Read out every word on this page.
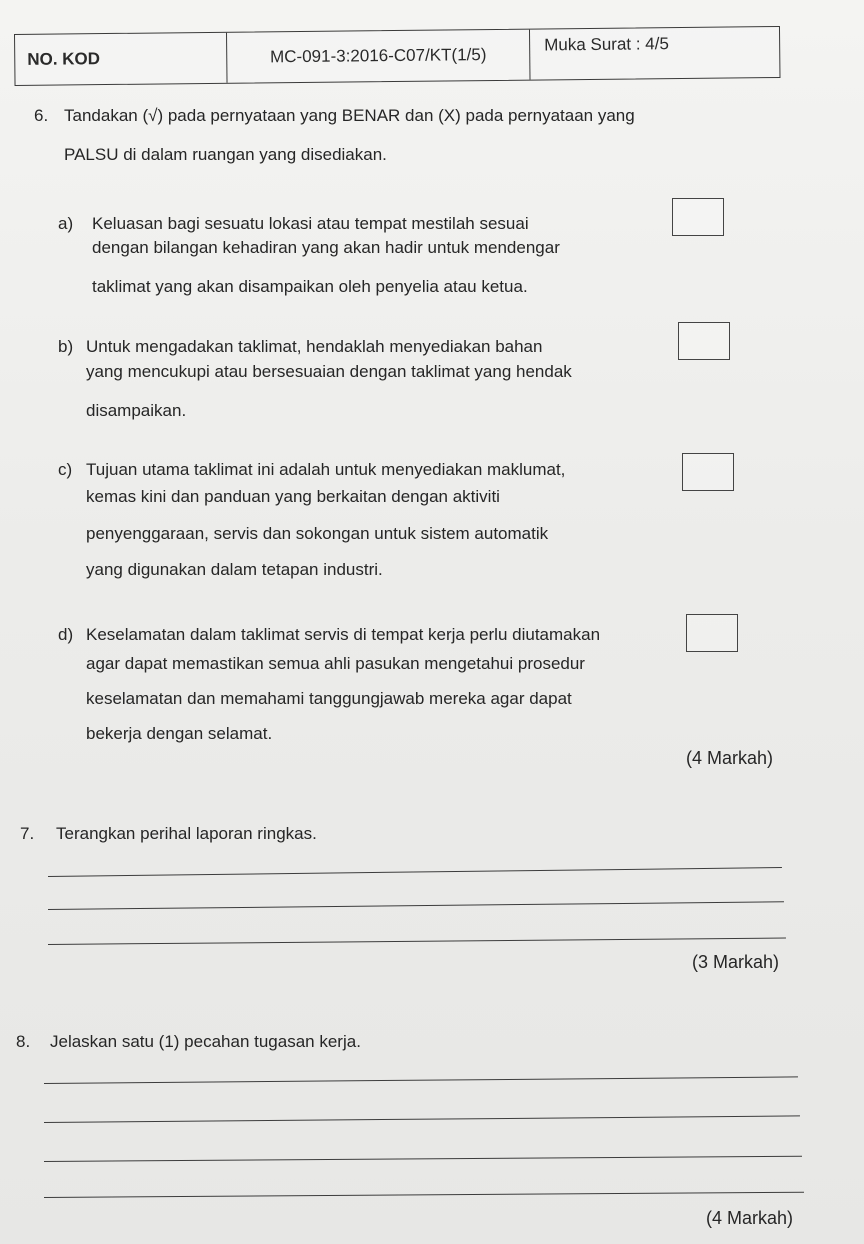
NO. KOD	MC-091-3:2016-C07/KT(1/5)
Muka Surat : 4/5
6. Tandakan (√) pada pernyataan yang BENAR dan (X) pada pernyataan yang
PALSU di dalam ruangan yang disediakan.
a) Keluasan bagi sesuatu lokasi atau tempat mestilah sesuai
dengan bilangan kehadiran yang akan hadir untuk mendengar
taklimat yang akan disampaikan oleh penyelia atau ketua.
b) Untuk mengadakan taklimat, hendaklah menyediakan bahan
yang mencukupi atau bersesuaian dengan taklimat yang hendak
disampaikan.
c) Tujuan utama taklimat ini adalah untuk menyediakan maklumat,
kemas kini dan panduan yang berkaitan dengan aktiviti
penyenggaraan, servis dan sokongan untuk sistem automatik
yang digunakan dalam tetapan industri.
d) Keselamatan dalam taklimat servis di tempat kerja perlu diutamakan
agar dapat memastikan semua ahli pasukan mengetahui prosedur
keselamatan dan memahami tanggungjawab mereka agar dapat
bekerja dengan selamat.
(4 Markah)
7. Terangkan perihal laporan ringkas.
(3 Markah)
8. Jelaskan satu (1) pecahan tugasan kerja.
(4 Markah)
